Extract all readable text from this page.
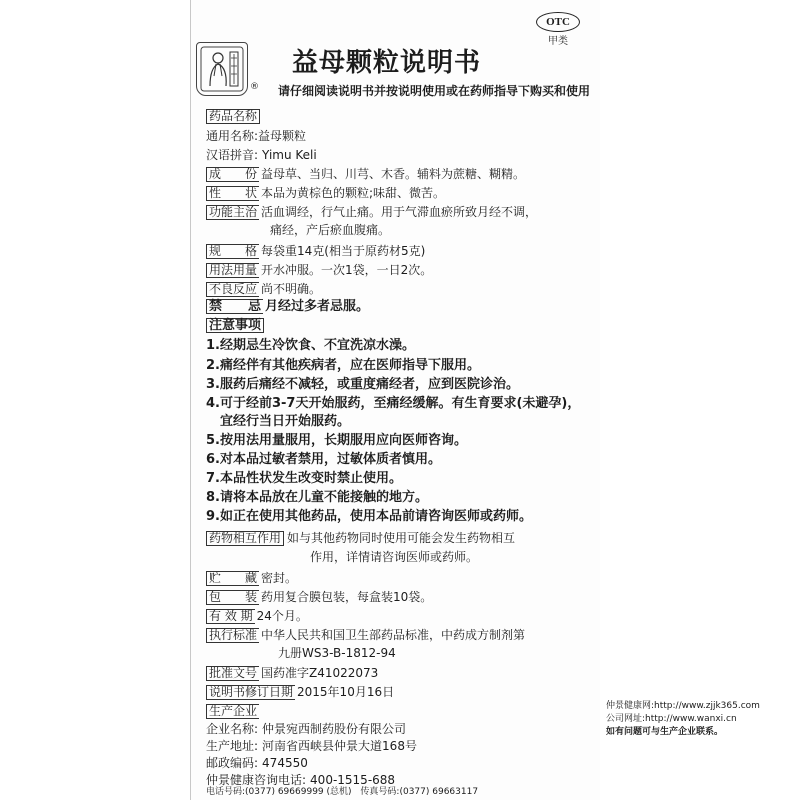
®
OTC
甲类
益母颗粒说明书
请仔细阅读说明书并按说明使用或在药师指导下购买和使用
药品名称
通用名称:益母颗粒
汉语拼音: Yimu Keli
成　　份 益母草、当归、川芎、木香。辅料为蔗糖、糊精。
性　　状 本品为黄棕色的颗粒;味甜、微苦。
功能主治 活血调经，行气止痛。用于气滞血瘀所致月经不调，
痛经，产后瘀血腹痛。
规　　格 每袋重14克(相当于原药材5克)
用法用量 开水冲服。一次1袋，一日2次。
不良反应 尚不明确。
禁　　忌 月经过多者忌服。
注意事项
1.经期忌生冷饮食、不宜洗凉水澡。
2.痛经伴有其他疾病者，应在医师指导下服用。
3.服药后痛经不减轻，或重度痛经者，应到医院诊治。
4.可于经前3-7天开始服药，至痛经缓解。有生育要求(未避孕)，
宜经行当日开始服药。
5.按用法用量服用，长期服用应向医师咨询。
6.对本品过敏者禁用，过敏体质者慎用。
7.本品性状发生改变时禁止使用。
8.请将本品放在儿童不能接触的地方。
9.如正在使用其他药品，使用本品前请咨询医师或药师。
药物相互作用 如与其他药物同时使用可能会发生药物相互
作用，详情请咨询医师或药师。
贮　　藏 密封。
包　　装 药用复合膜包装，每盒装10袋。
有 效 期 24个月。
执行标准 中华人民共和国卫生部药品标准，中药成方制剂第
九册WS3-B-1812-94
批准文号 国药准字Z41022073
说明书修订日期 2015年10月16日
生产企业
企业名称: 仲景宛西制药股份有限公司
生产地址: 河南省西峡县仲景大道168号
邮政编码: 474550
仲景健康咨询电话: 400-1515-688
电话号码:(0377) 69669999 (总机) 传真号码:(0377) 69663117
仲景健康网:http://www.zjjk365.com
公司网址:http://www.wanxi.cn
如有问题可与生产企业联系。
